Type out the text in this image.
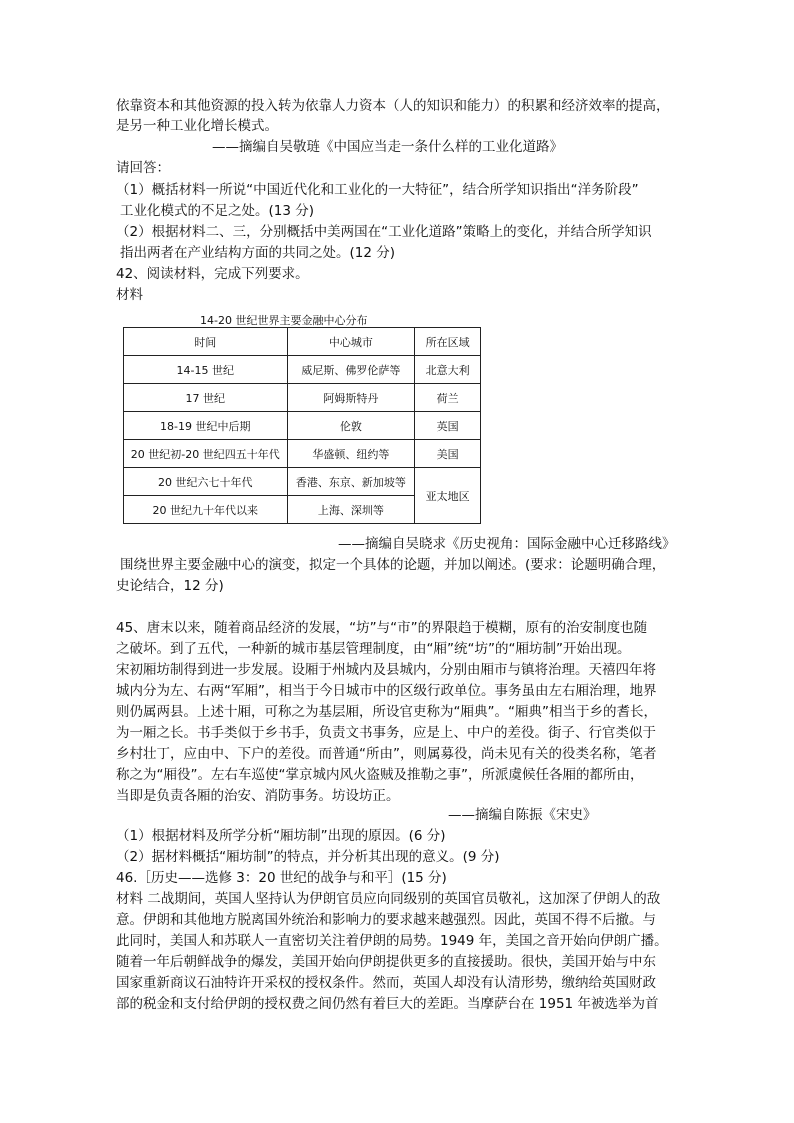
依靠资本和其他资源的投入转为依靠人力资本（人的知识和能力）的积累和经济效率的提高，
是另一种工业化增长模式。
——摘编自吴敬琏《中国应当走一条什么样的工业化道路》
请回答：
（1）概括材料一所说“中国近代化和工业化的一大特征”，结合所学知识指出“洋务阶段”
工业化模式的不足之处。(13 分)
（2）根据材料二、三，分别概括中美两国在“工业化道路”策略上的变化，并结合所学知识
指出两者在产业结构方面的共同之处。(12 分)
42、阅读材料，完成下列要求。
材料
14-20 世纪世界主要金融中心分布
时间	中心城市	所在区域
14-15 世纪	威尼斯、佛罗伦萨等	北意大利
17 世纪	阿姆斯特丹	荷兰
18-19 世纪中后期	伦敦	英国
20 世纪初-20 世纪四五十年代	华盛顿、纽约等	美国
20 世纪六七十年代	香港、东京、新加坡等	亚太地区
20 世纪九十年代以来	上海、深圳等	
——摘编自吴晓求《历史视角：国际金融中心迁移路线》
围绕世界主要金融中心的演变，拟定一个具体的论题，并加以阐述。(要求：论题明确合理，
史论结合，12 分)
45、唐末以来，随着商品经济的发展，“坊”与“市”的界限趋于模糊，原有的治安制度也随
之破坏。到了五代，一种新的城市基层管理制度，由“厢”统“坊”的“厢坊制”开始出现。
宋初厢坊制得到进一步发展。设厢于州城内及县城内，分别由厢市与镇将治理。天禧四年将
城内分为左、右两“军厢”，相当于今日城市中的区级行政单位。事务虽由左右厢治理，地界
则仍属两县。上述十厢，可称之为基层厢，所设官吏称为“厢典”。“厢典”相当于乡的耆长，
为一厢之长。书手类似于乡书手，负责文书事务，应是上、中户的差役。街子、行官类似于
乡村壮丁，应由中、下户的差役。而普通“所由”，则属募役，尚未见有关的役类名称，笔者
称之为“厢役”。左右车巡使“掌京城内风火盗贼及推勒之事”，所派虞候任各厢的都所由，
当即是负责各厢的治安、消防事务。坊设坊正。
——摘编自陈振《宋史》
（1）根据材料及所学分析“厢坊制”出现的原因。(6 分)
（2）据材料概括“厢坊制”的特点，并分析其出现的意义。(9 分)
46.［历史——选修 3：20 世纪的战争与和平］(15 分)
材料 二战期间，英国人坚持认为伊朗官员应向同级别的英国官员敬礼，这加深了伊朗人的敌
意。伊朗和其他地方脱离国外统治和影响力的要求越来越强烈。因此，英国不得不后撤。与
此同时，美国人和苏联人一直密切关注着伊朗的局势。1949 年，美国之音开始向伊朗广播。
随着一年后朝鲜战争的爆发，美国开始向伊朗提供更多的直接援助。很快，美国开始与中东
国家重新商议石油特许开采权的授权条件。然而，英国人却没有认清形势，缴纳给英国财政
部的税金和支付给伊朗的授权费之间仍然有着巨大的差距。当摩萨台在 1951 年被选举为首
